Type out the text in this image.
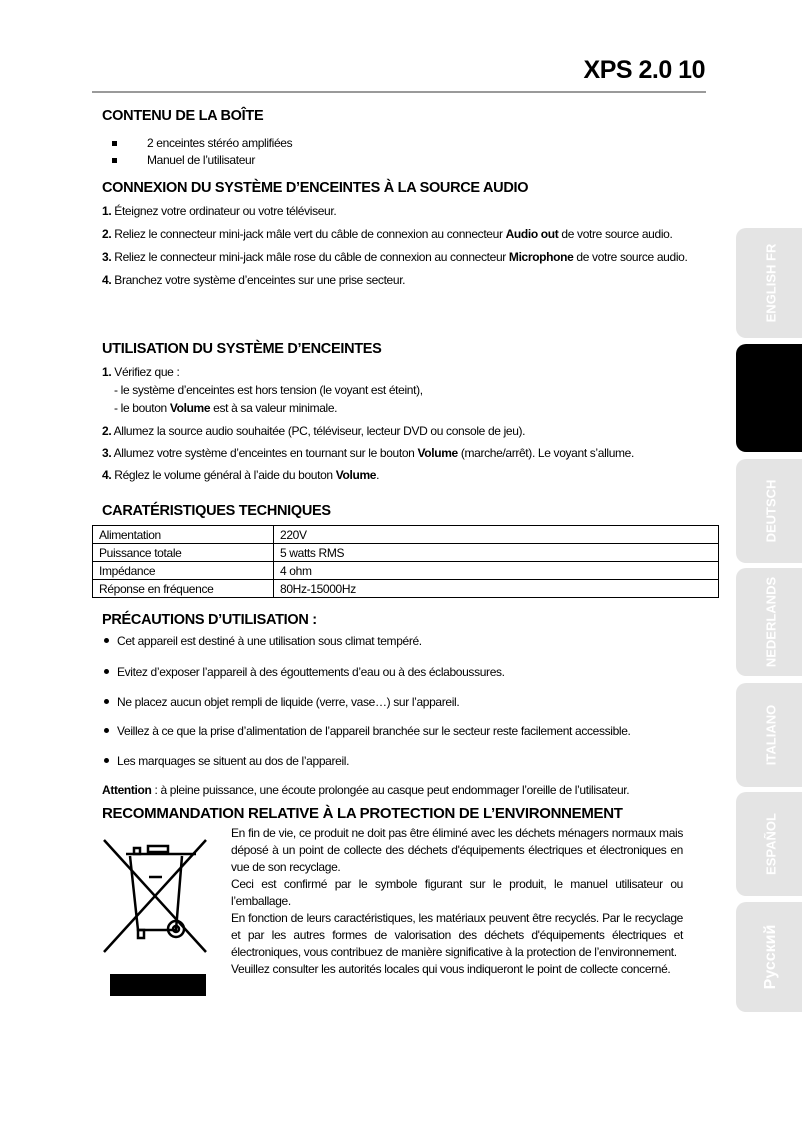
XPS 2.0 10
CONTENU DE LA BOÎTE
2 enceintes stéréo amplifiées
Manuel de l’utilisateur
CONNEXION DU SYSTÈME D’ENCEINTES À LA SOURCE AUDIO
1. Éteignez votre ordinateur ou votre téléviseur.
2. Reliez le connecteur mini-jack mâle vert du câble de connexion au connecteur Audio out de votre source audio.
3. Reliez le connecteur mini-jack mâle rose du câble de connexion au connecteur Microphone de votre source audio.
4. Branchez votre système d’enceintes sur une prise secteur.
UTILISATION DU SYSTÈME D’ENCEINTES
1. Vérifiez que :
- le système d’enceintes est hors tension (le voyant est éteint),
- le bouton Volume est à sa valeur minimale.
2. Allumez la source audio souhaitée (PC, téléviseur, lecteur DVD ou console de jeu).
3. Allumez votre système d’enceintes en tournant sur le bouton Volume (marche/arrêt). Le voyant s’allume.
4. Réglez le volume général à l’aide du bouton Volume.
CARATÉRISTIQUES TECHNIQUES
Alimentation	220V
Puissance totale	5 watts RMS
Impédance	4 ohm
Réponse en fréquence	80Hz-15000Hz
PRÉCAUTIONS D’UTILISATION :
Cet appareil est destiné à une utilisation sous climat tempéré.
Evitez d’exposer l’appareil à des égouttements d’eau ou à des éclaboussures.
Ne placez aucun objet rempli de liquide (verre, vase…) sur l’appareil.
Veillez à ce que la prise d’alimentation de l’appareil branchée sur le secteur reste facilement accessible.
Les marquages se situent au dos de l’appareil.
Attention : à pleine puissance, une écoute prolongée au casque peut endommager l’oreille de l’utilisateur.
RECOMMANDATION RELATIVE À LA PROTECTION DE L’ENVIRONNEMENT

En fin de vie, ce produit ne doit pas être éliminé avec les déchets ménagers normaux mais déposé à un point de collecte des déchets d'équipements électriques et électroniques en vue de son recyclage.

Ceci est confirmé par le symbole figurant sur le produit, le manuel utilisateur ou l’emballage.

En fonction de leurs caractéristiques, les matériaux peuvent être recyclés. Par le recyclage et par les autres formes de valorisation des déchets d'équipements électriques et électroniques, vous contribuez de manière significative à la protection de l’environnement.

Veuillez consulter les autorités locales qui vous indiqueront le point de collecte concerné.

ENGLISH FR
DEUTSCH
NEDERLANDS
ITALIANO
ESPAÑOL
Русский
